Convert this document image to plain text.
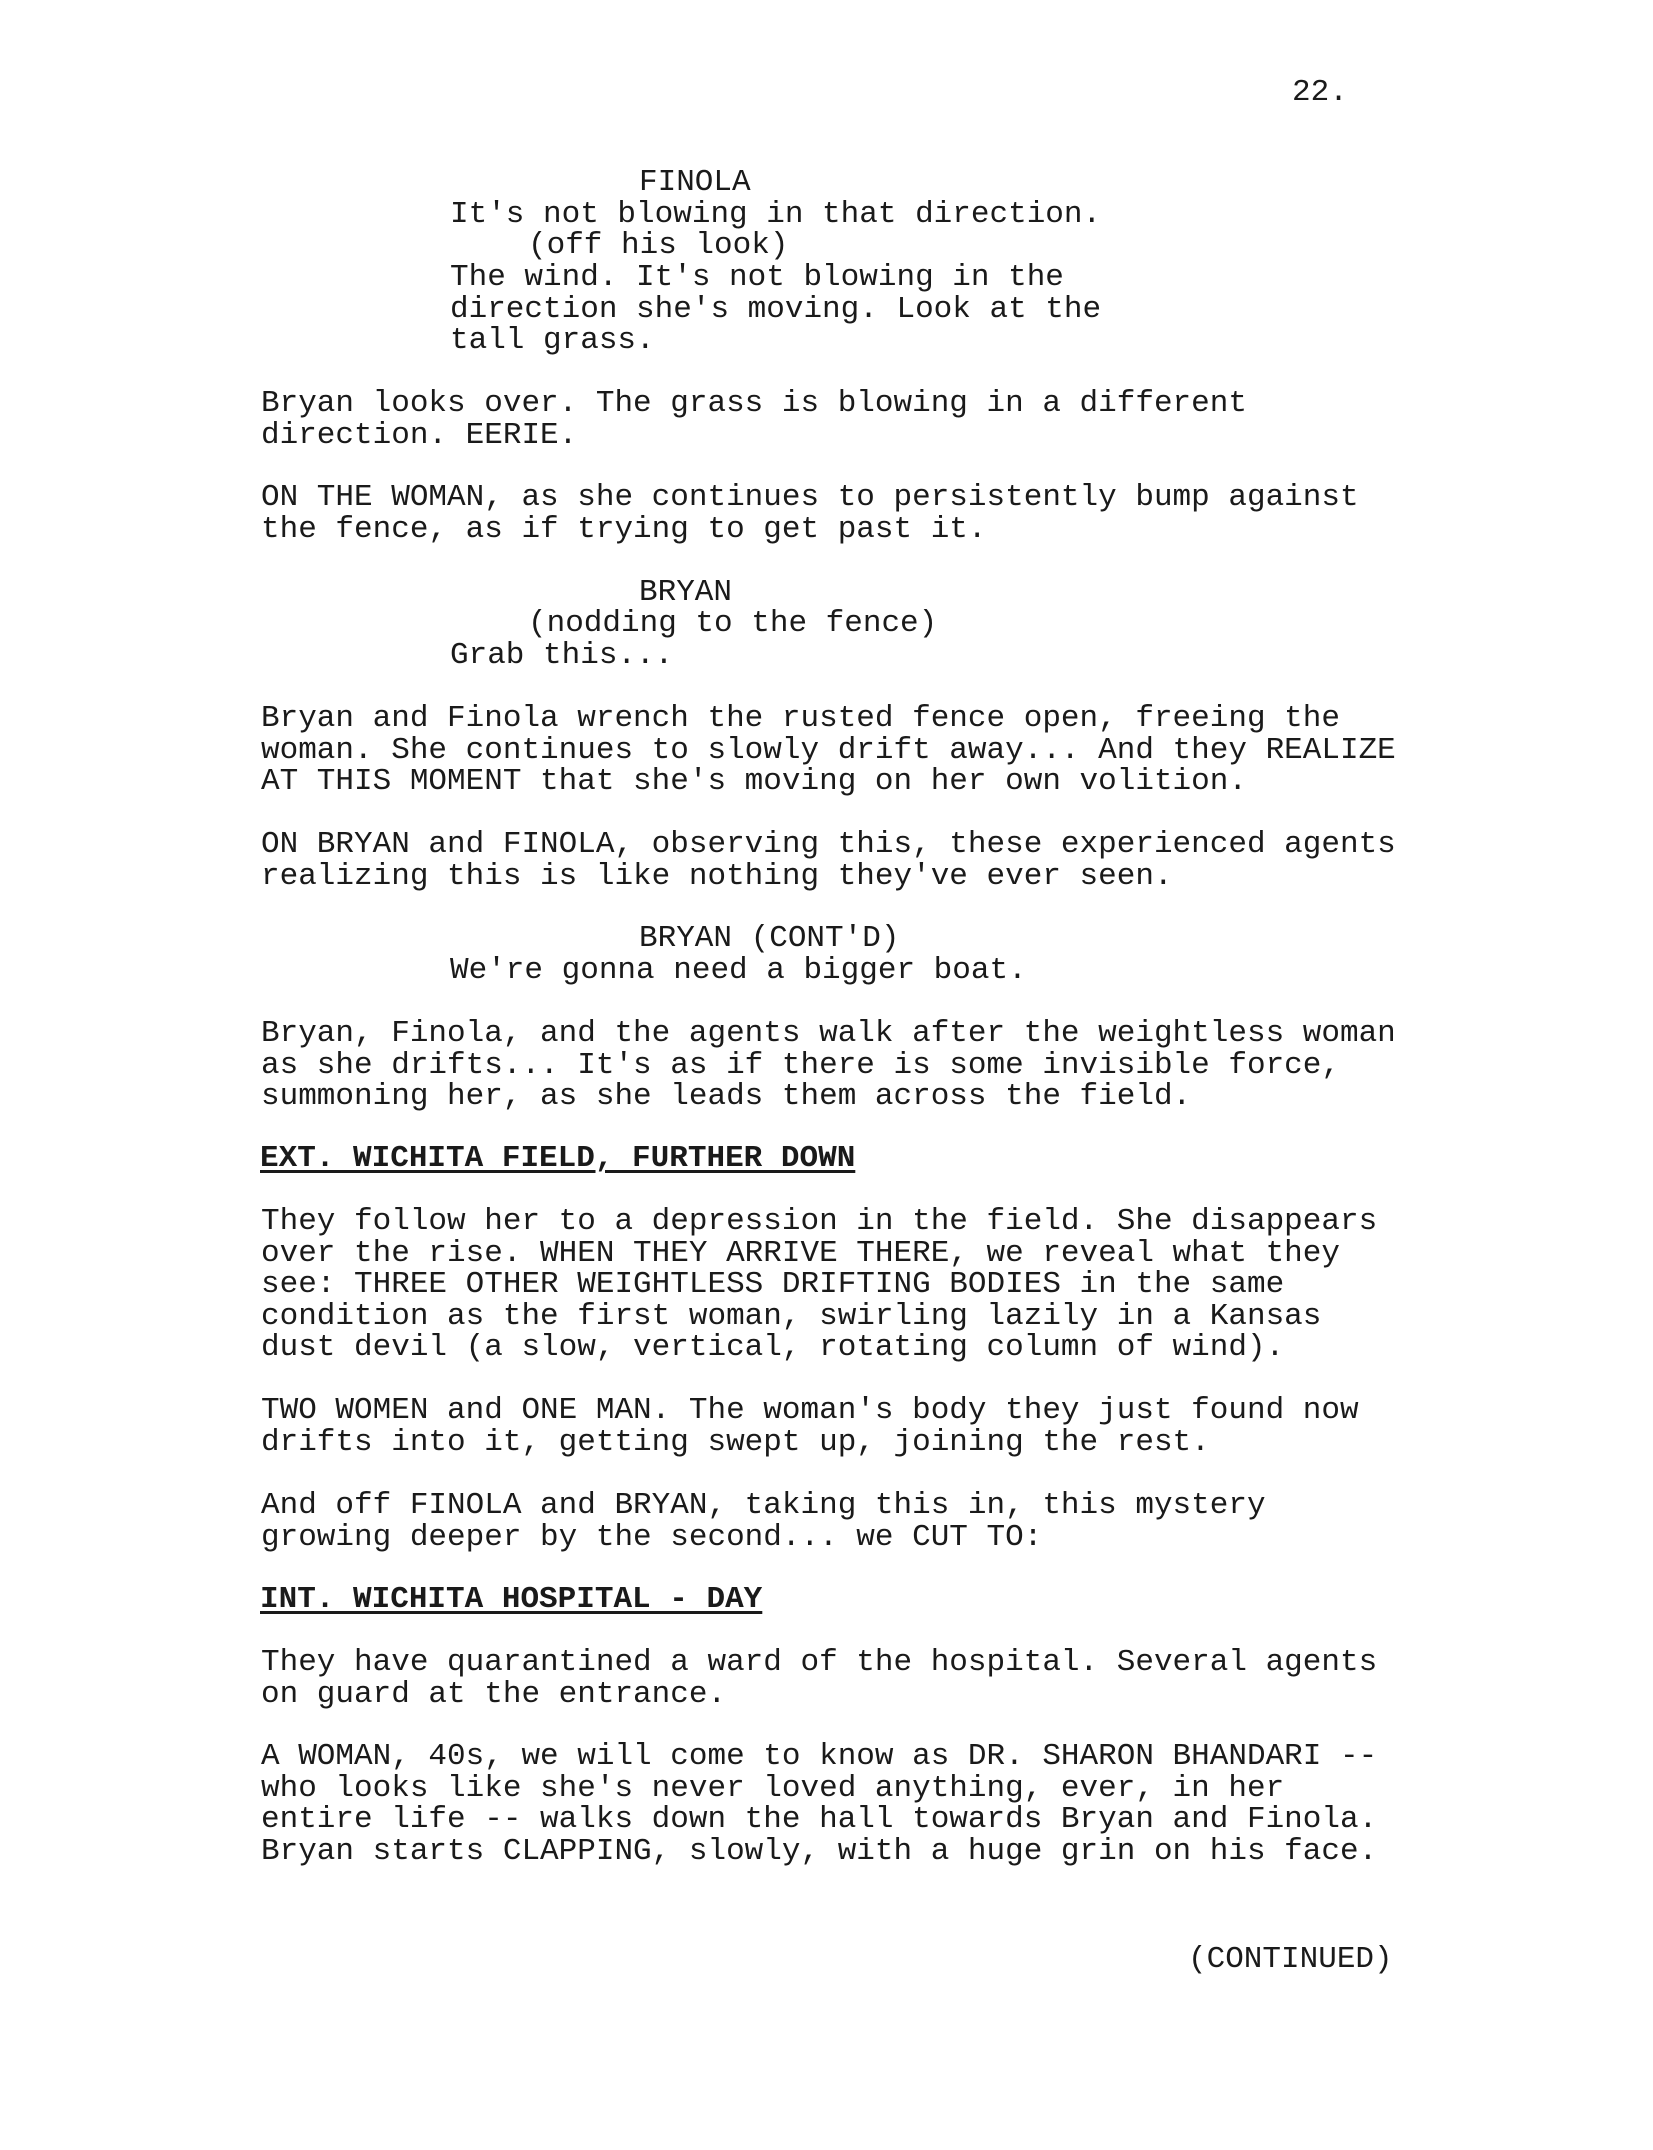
22.
FINOLA
It's not blowing in that direction.
(off his look)
The wind. It's not blowing in the
direction she's moving. Look at the
tall grass.
Bryan looks over. The grass is blowing in a different
direction. EERIE.
ON THE WOMAN, as she continues to persistently bump against
the fence, as if trying to get past it.
BRYAN
(nodding to the fence)
Grab this...
Bryan and Finola wrench the rusted fence open, freeing the
woman. She continues to slowly drift away... And they REALIZE
AT THIS MOMENT that she's moving on her own volition.
ON BRYAN and FINOLA, observing this, these experienced agents
realizing this is like nothing they've ever seen.
BRYAN (CONT'D)
We're gonna need a bigger boat.
Bryan, Finola, and the agents walk after the weightless woman
as she drifts... It's as if there is some invisible force,
summoning her, as she leads them across the field.
EXT. WICHITA FIELD, FURTHER DOWN
They follow her to a depression in the field. She disappears
over the rise. WHEN THEY ARRIVE THERE, we reveal what they
see: THREE OTHER WEIGHTLESS DRIFTING BODIES in the same
condition as the first woman, swirling lazily in a Kansas
dust devil (a slow, vertical, rotating column of wind).
TWO WOMEN and ONE MAN. The woman's body they just found now
drifts into it, getting swept up, joining the rest.
And off FINOLA and BRYAN, taking this in, this mystery
growing deeper by the second... we CUT TO:
INT. WICHITA HOSPITAL - DAY
They have quarantined a ward of the hospital. Several agents
on guard at the entrance.
A WOMAN, 40s, we will come to know as DR. SHARON BHANDARI --
who looks like she's never loved anything, ever, in her
entire life -- walks down the hall towards Bryan and Finola.
Bryan starts CLAPPING, slowly, with a huge grin on his face.
(CONTINUED)
